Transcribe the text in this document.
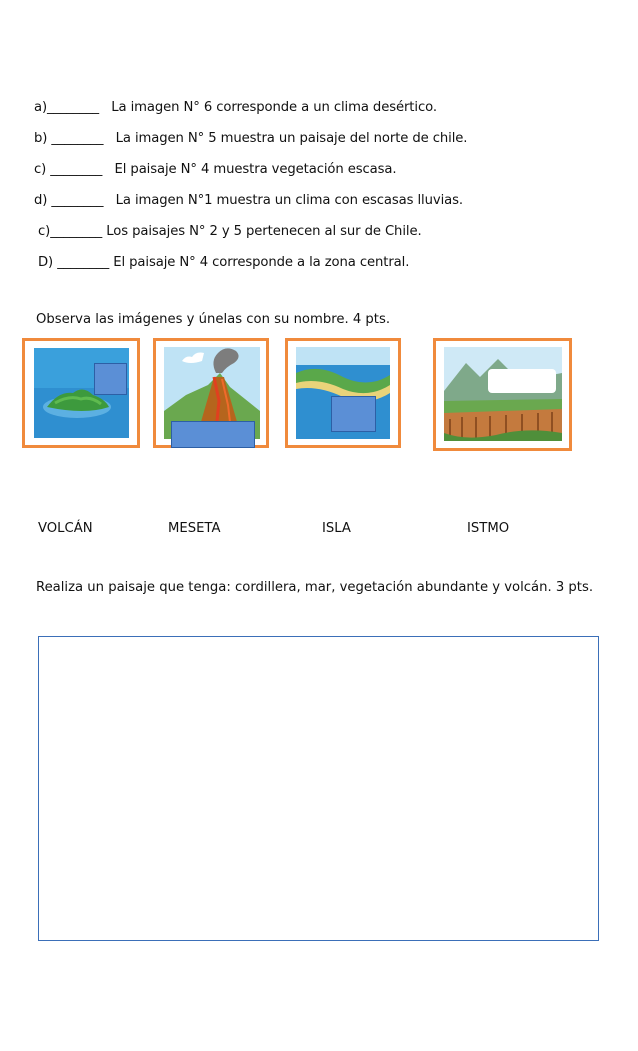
a)________ La imagen N° 6 corresponde a un clima desértico.
b) ________ La imagen N° 5 muestra un paisaje del norte de chile.
c) ________ El paisaje N° 4 muestra vegetación escasa.
d) ________ La imagen N°1 muestra un clima con escasas lluvias.
c)________ Los paisajes N° 2 y 5 pertenecen al sur de Chile.
D) ________ El paisaje N° 4 corresponde a la zona central.
Observa las imágenes y únelas con su nombre. 4 pts.
VOLCÁN	MESETA	ISLA	ISTMO
Realiza un paisaje que tenga: cordillera, mar, vegetación abundante y volcán. 3 pts.
